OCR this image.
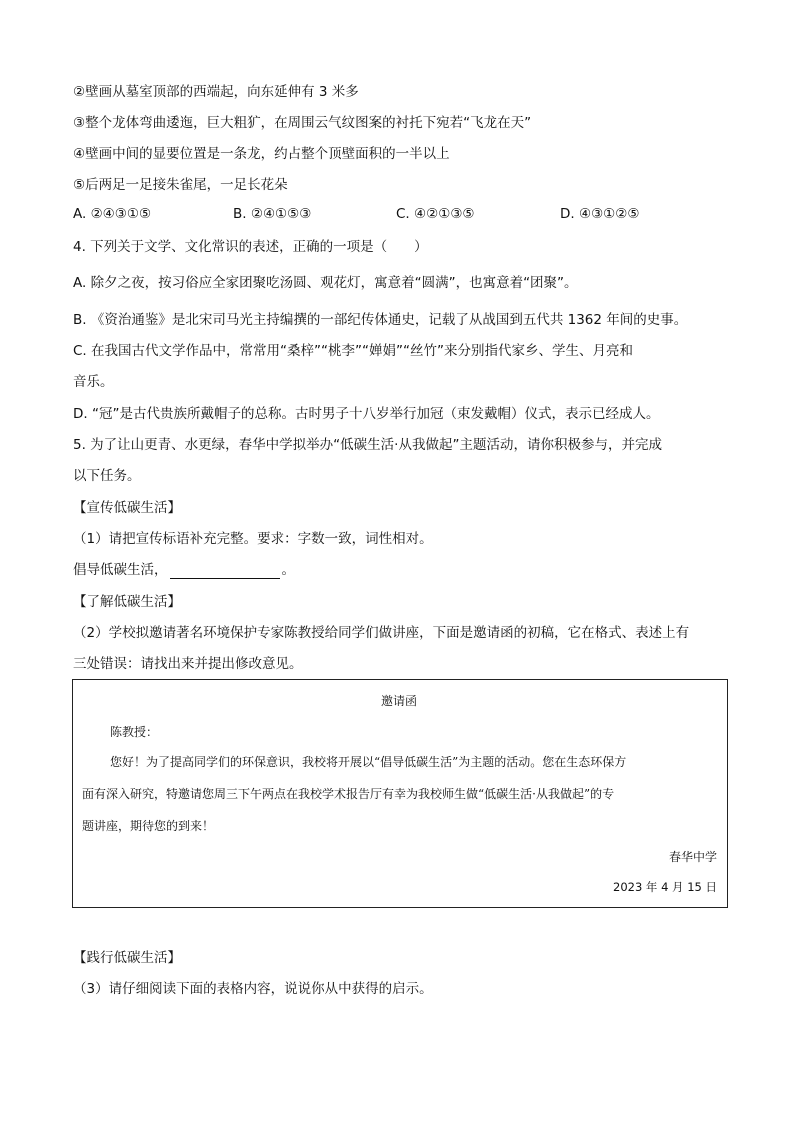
②壁画从墓室顶部的西端起，向东延伸有 3 米多
③整个龙体弯曲逶迤，巨大粗犷，在周围云气纹图案的衬托下宛若“飞龙在天”
④壁画中间的显要位置是一条龙，约占整个顶壁面积的一半以上
⑤后两足一足接朱雀尾，一足长花朵
A. ②④③①⑤	B. ②④①⑤③	C. ④②①③⑤	D. ④③①②⑤
4. 下列关于文学、文化常识的表述，正确的一项是（　　）
A. 除夕之夜，按习俗应全家团聚吃汤圆、观花灯，寓意着“圆满”，也寓意着“团聚”。
B. 《资治通鉴》是北宋司马光主持编撰的一部纪传体通史，记载了从战国到五代共 1362 年间的史事。
C. 在我国古代文学作品中，常常用“桑梓”“桃李”“婵娟”“丝竹”来分别指代家乡、学生、月亮和
音乐。
D. “冠”是古代贵族所戴帽子的总称。古时男子十八岁举行加冠（束发戴帽）仪式，表示已经成人。
5. 为了让山更青、水更绿，春华中学拟举办“低碳生活·从我做起”主题活动，请你积极参与，并完成
以下任务。
【宣传低碳生活】
（1）请把宣传标语补充完整。要求：字数一致，词性相对。
倡导低碳生活，	。
【了解低碳生活】
（2）学校拟邀请著名环境保护专家陈教授给同学们做讲座，下面是邀请函的初稿，它在格式、表述上有
三处错误：请找出来并提出修改意见。
邀请函
陈教授：
您好！为了提高同学们的环保意识，我校将开展以“倡导低碳生活”为主题的活动。您在生态环保方
面有深入研究，特邀请您周三下午两点在我校学术报告厅有幸为我校师生做“低碳生活·从我做起”的专
题讲座，期待您的到来！
春华中学
2023 年 4 月 15 日
【践行低碳生活】
（3）请仔细阅读下面的表格内容，说说你从中获得的启示。
